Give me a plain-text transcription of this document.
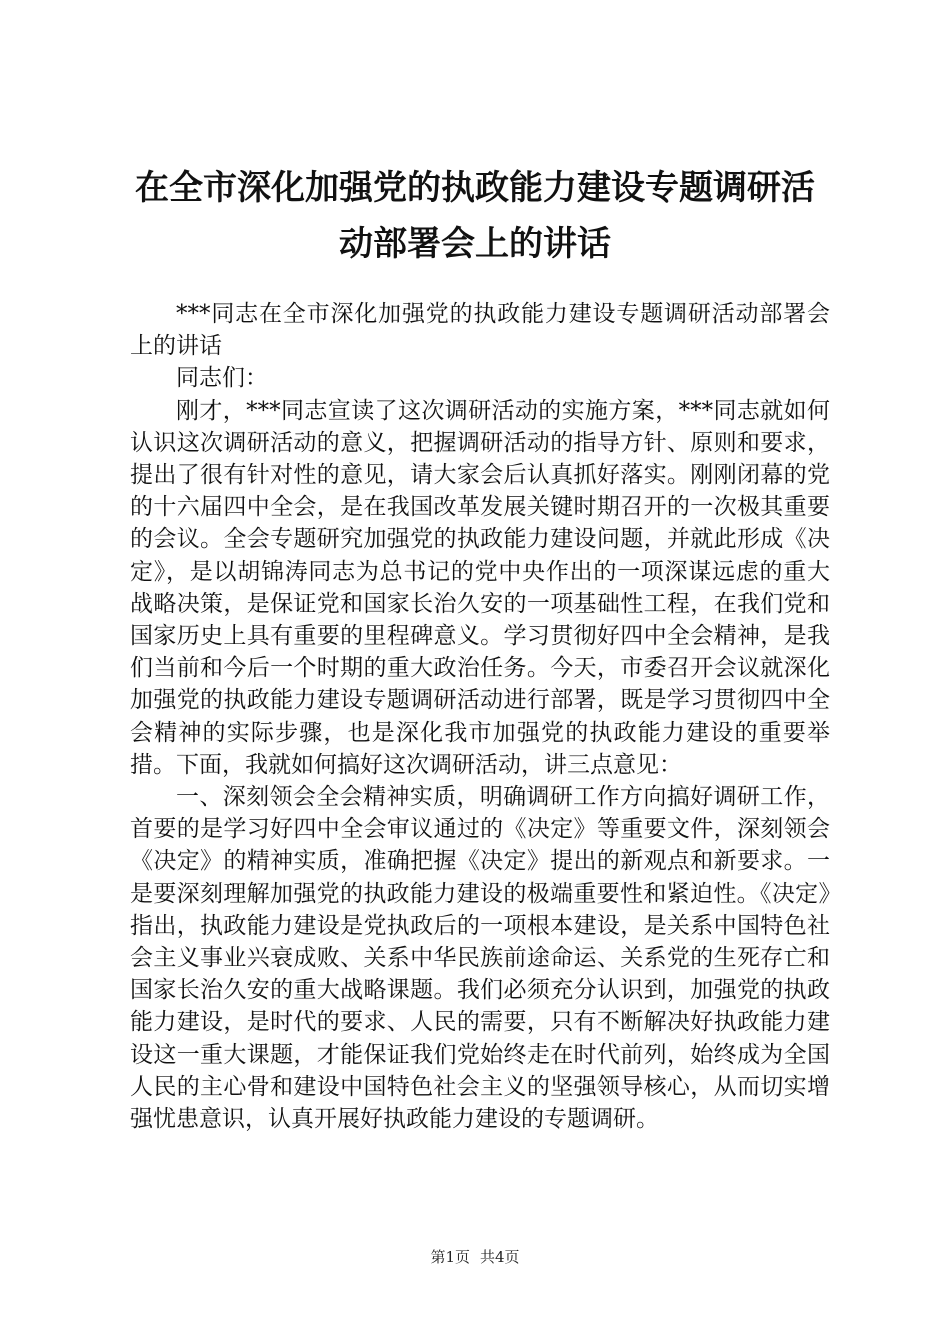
在全市深化加强党的执政能力建设专题调研活动部署会上的讲话

***同志在全市深化加强党的执政能力建设专题调研活动部署会上的讲话

同志们：

刚才，***同志宣读了这次调研活动的实施方案，***同志就如何认识这次调研活动的意义，把握调研活动的指导方针、原则和要求，提出了很有针对性的意见，请大家会后认真抓好落实。刚刚闭幕的党的十六届四中全会，是在我国改革发展关键时期召开的一次极其重要的会议。全会专题研究加强党的执政能力建设问题，并就此形成《决定》，是以胡锦涛同志为总书记的党中央作出的一项深谋远虑的重大战略决策，是保证党和国家长治久安的一项基础性工程，在我们党和国家历史上具有重要的里程碑意义。学习贯彻好四中全会精神，是我们当前和今后一个时期的重大政治任务。今天，市委召开会议就深化加强党的执政能力建设专题调研活动进行部署，既是学习贯彻四中全会精神的实际步骤，也是深化我市加强党的执政能力建设的重要举措。下面，我就如何搞好这次调研活动，讲三点意见：

一、深刻领会全会精神实质，明确调研工作方向搞好调研工作，首要的是学习好四中全会审议通过的《决定》等重要文件，深刻领会《决定》的精神实质，准确把握《决定》提出的新观点和新要求。一是要深刻理解加强党的执政能力建设的极端重要性和紧迫性。《决定》指出，执政能力建设是党执政后的一项根本建设，是关系中国特色社会主义事业兴衰成败、关系中华民族前途命运、关系党的生死存亡和国家长治久安的重大战略课题。我们必须充分认识到，加强党的执政能力建设，是时代的要求、人民的需要，只有不断解决好执政能力建设这一重大课题，才能保证我们党始终走在时代前列，始终成为全国人民的主心骨和建设中国特色社会主义的坚强领导核心，从而切实增强忧患意识，认真开展好执政能力建设的专题调研。

第1页 共4页
